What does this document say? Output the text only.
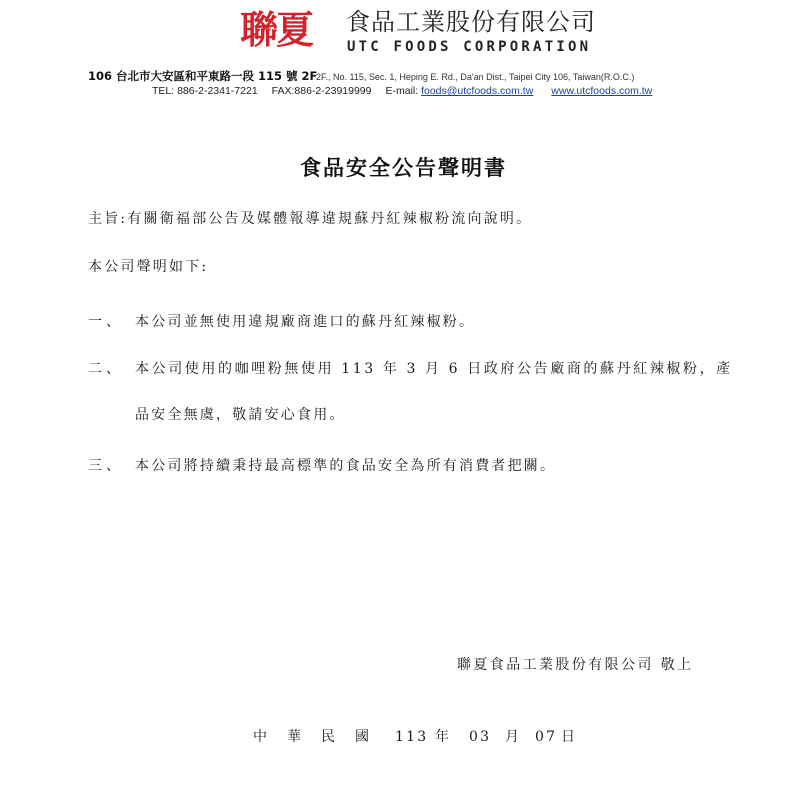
聯夏 食品工業股份有限公司
UTC FOODS CORPORATION
106 台北市大安區和平東路一段 115 號 2F
2F., No. 115, Sec. 1, Heping E. Rd., Da'an Dist., Taipei City 106, Taiwan(R.O.C.)
TEL: 886-2-2341-7221 FAX:886-2-23919999 E-mail: foods@utcfoods.com.tw www.utcfoods.com.tw
食品安全公告聲明書
主旨:有關衛福部公告及媒體報導違規蘇丹紅辣椒粉流向說明。
本公司聲明如下:
一、 本公司並無使用違規廠商進口的蘇丹紅辣椒粉。
二、 本公司使用的咖哩粉無使用 113 年 3 月 6 日政府公告廠商的蘇丹紅辣椒粉，產
品安全無虞，敬請安心食用。
三、 本公司將持續秉持最高標準的食品安全為所有消費者把關。
聯夏食品工業股份有限公司 敬上
中	華	民	國	113 年	03 月 07 日
